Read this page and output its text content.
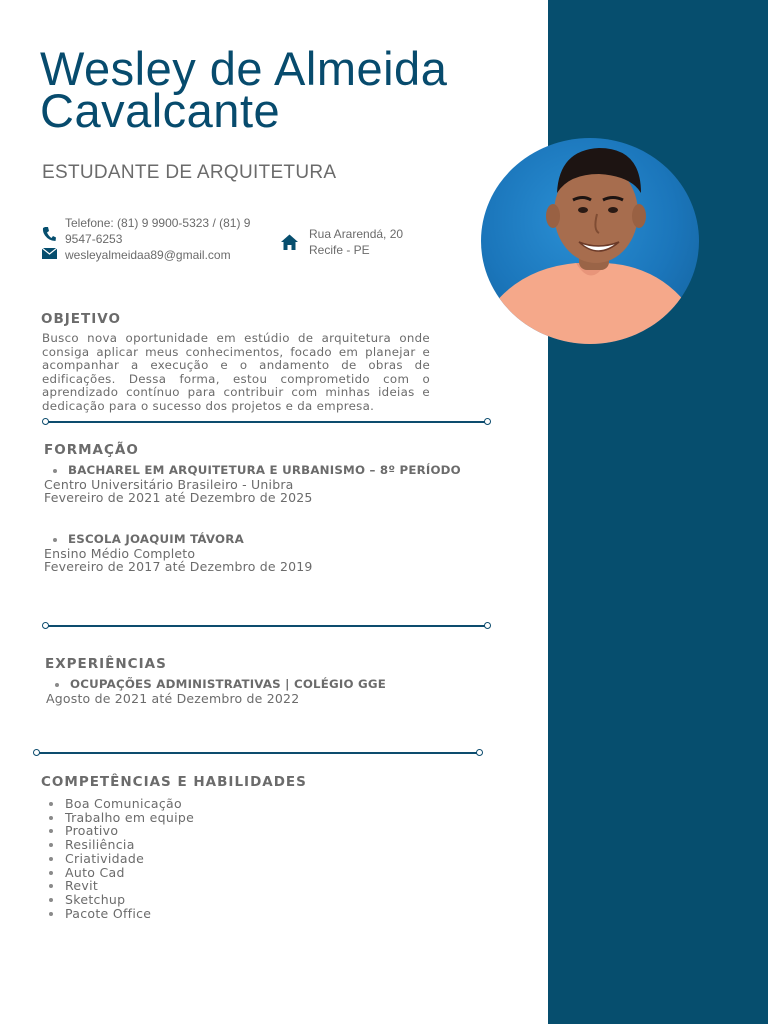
Wesley de Almeida
Cavalcante
ESTUDANTE DE ARQUITETURA
Telefone: (81) 9 9900-5323 / (81) 9
9547-6253
wesleyalmeidaa89@gmail.com
Rua Ararendá, 20
Recife - PE
OBJETIVO
Busco nova oportunidade em estúdio de arquitetura onde
consiga aplicar meus conhecimentos, focado em planejar e
acompanhar a execução e o andamento de obras de
edificações. Dessa forma, estou comprometido com o
aprendizado contínuo para contribuir com minhas ideias e
dedicação para o sucesso dos projetos e da empresa.
FORMAÇÃO
BACHAREL EM ARQUITETURA E URBANISMO – 8º PERÍODO
Centro Universitário Brasileiro - Unibra
Fevereiro de 2021 até Dezembro de 2025
ESCOLA JOAQUIM TÁVORA
Ensino Médio Completo
Fevereiro de 2017 até Dezembro de 2019
EXPERIÊNCIAS
OCUPAÇÕES ADMINISTRATIVAS | COLÉGIO GGE
Agosto de 2021 até Dezembro de 2022
COMPETÊNCIAS E HABILIDADES
Boa Comunicação
Trabalho em equipe
Proativo
Resiliência
Criatividade
Auto Cad
Revit
Sketchup
Pacote Office
